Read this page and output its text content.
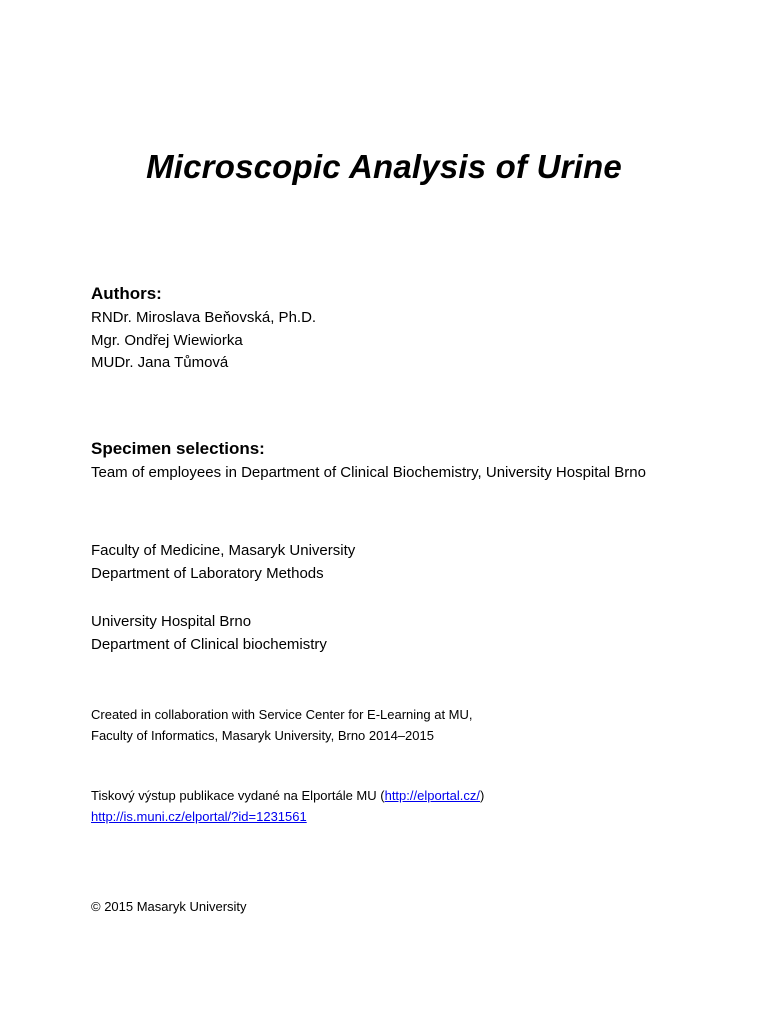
Microscopic Analysis of Urine

Authors:

RNDr. Miroslava Beňovská, Ph.D.

Mgr. Ondřej Wiewiorka

MUDr. Jana Tůmová

Specimen selections:

Team of employees in Department of Clinical Biochemistry, University Hospital Brno

Faculty of Medicine, Masaryk University

Department of Laboratory Methods

University Hospital Brno

Department of Clinical biochemistry

Created in collaboration with Service Center for E-Learning at MU,

Faculty of Informatics, Masaryk University, Brno 2014–2015

Tiskový výstup publikace vydané na Elportále MU (http://elportal.cz/)

http://is.muni.cz/elportal/?id=1231561

© 2015 Masaryk University
